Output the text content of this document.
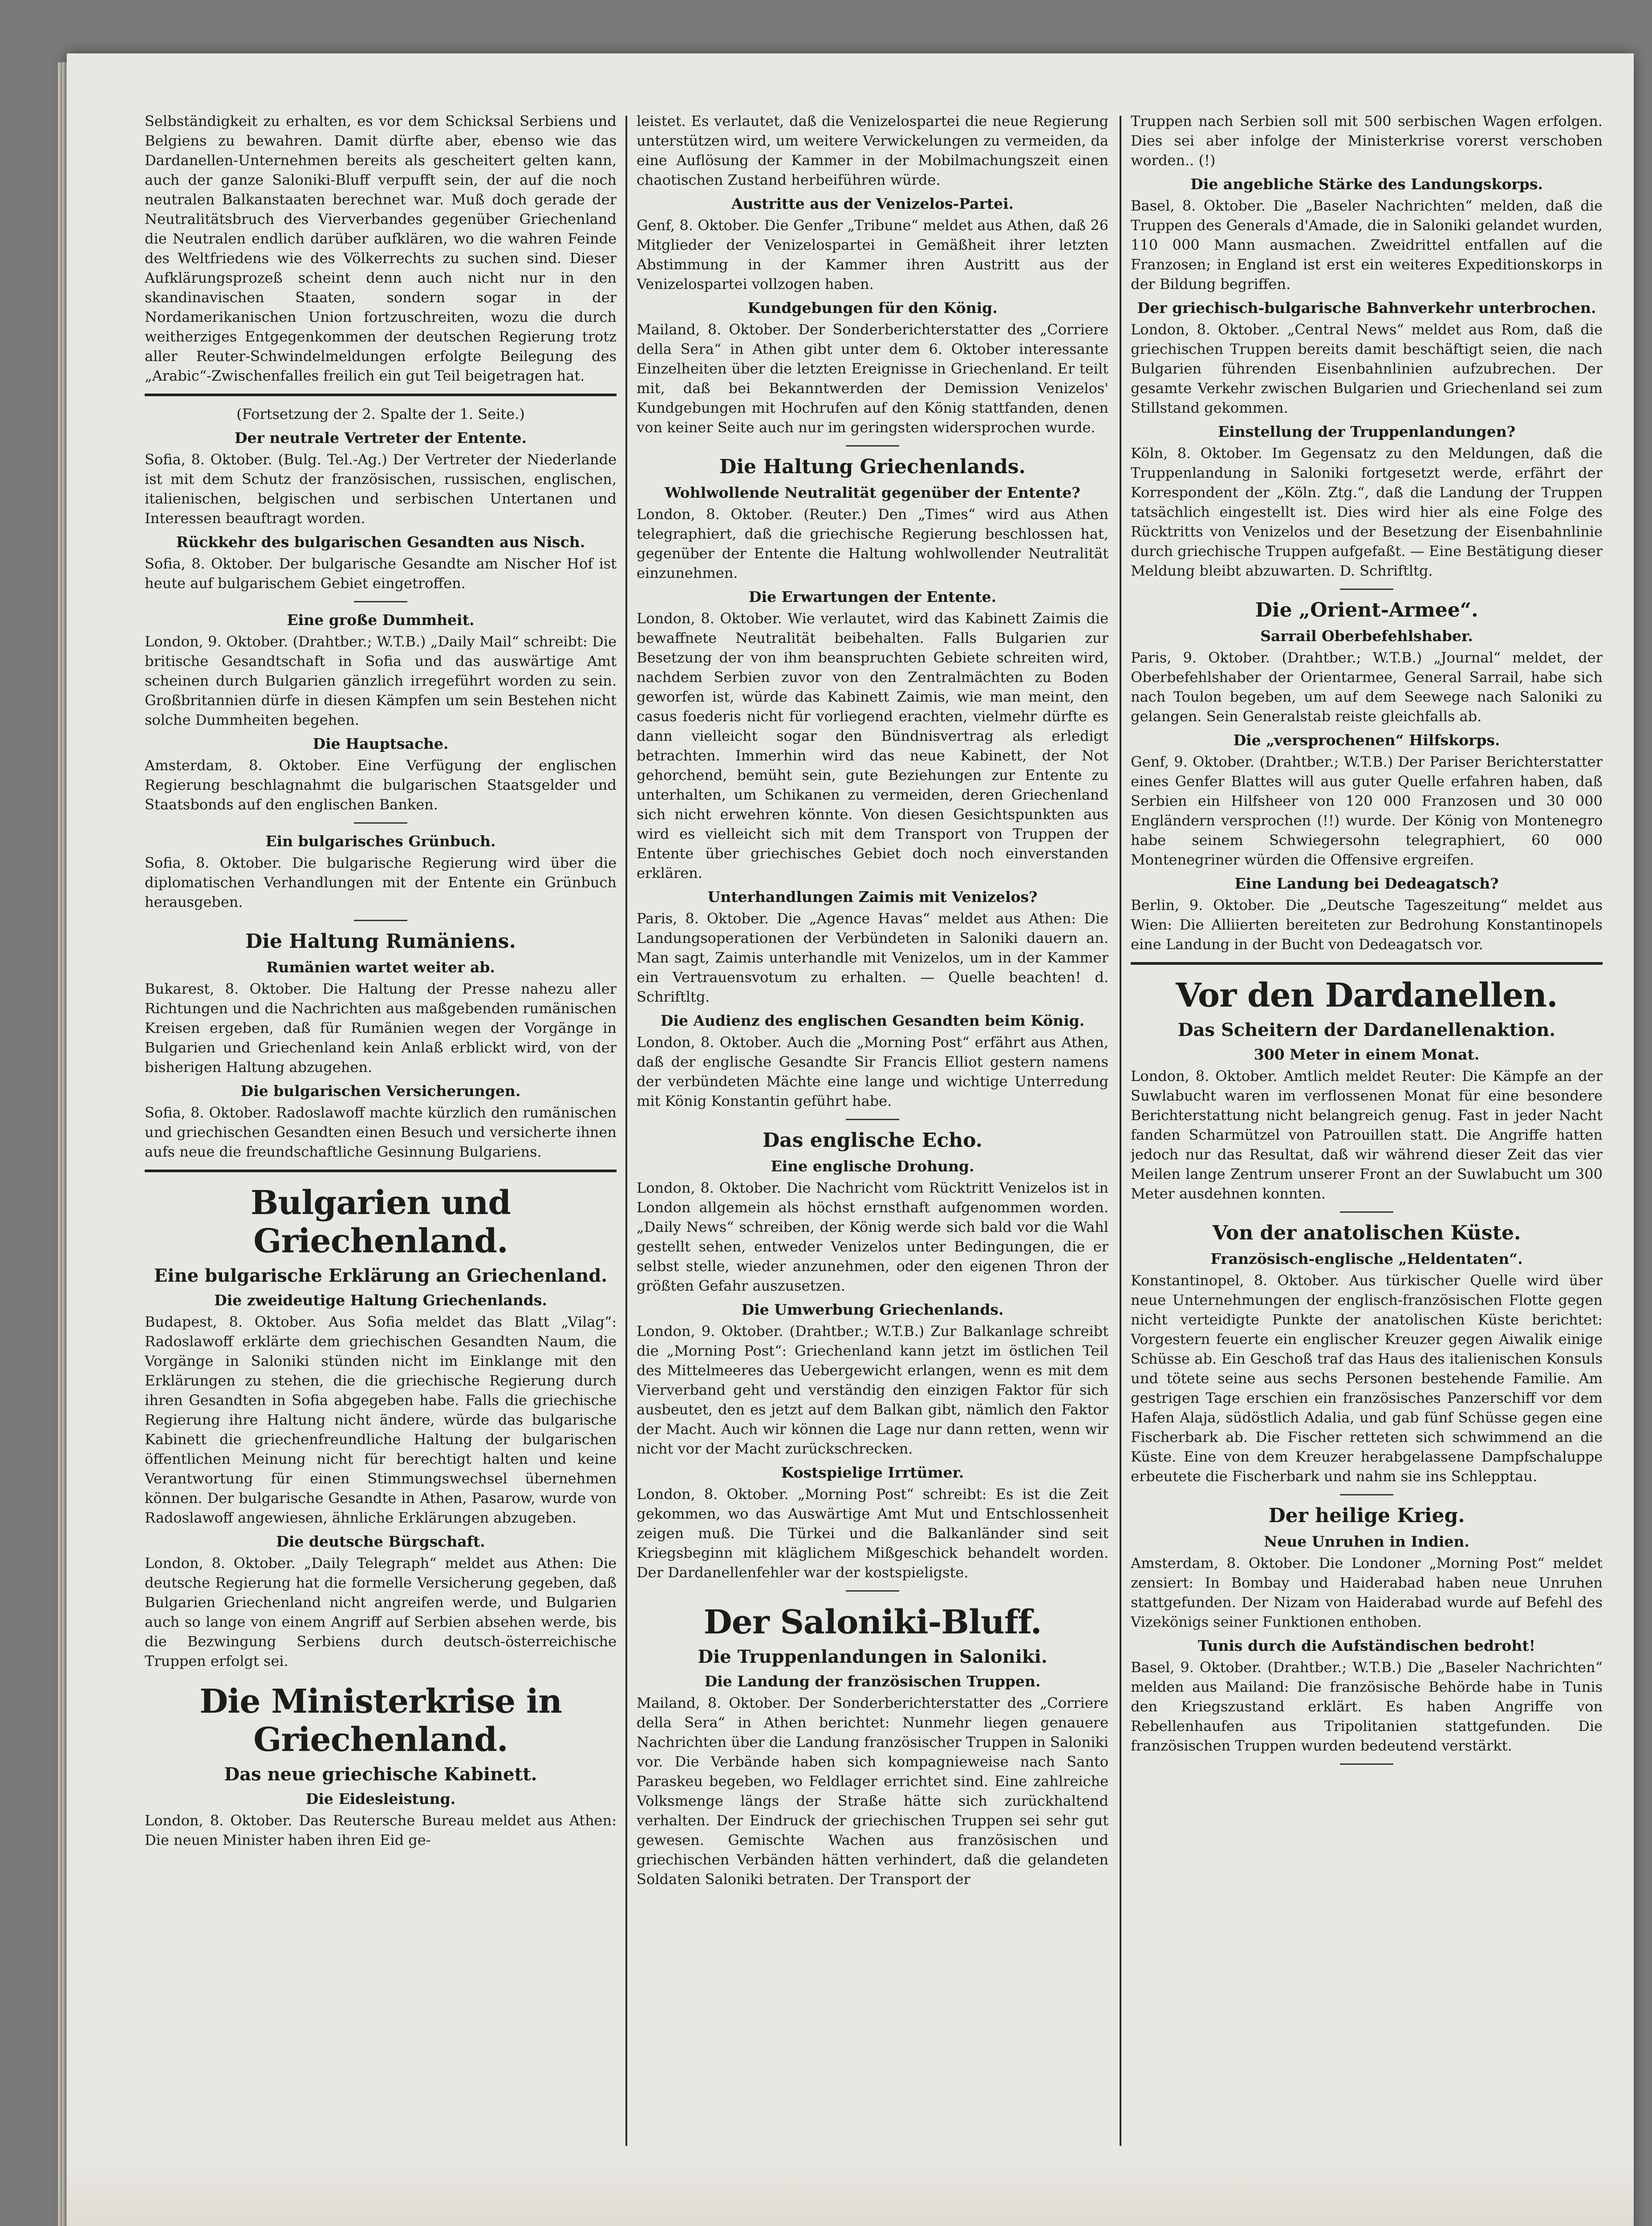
Selbständigkeit zu erhalten, es vor dem Schicksal Serbiens und Belgiens zu bewahren. Damit dürfte aber, ebenso wie das Dardanellen-Unternehmen bereits als gescheitert gelten kann, auch der ganze Saloniki-Bluff verpufft sein, der auf die noch neutralen Balkanstaaten berechnet war. Muß doch gerade der Neutralitätsbruch des Vierverbandes gegenüber Griechenland die Neutralen endlich darüber aufklären, wo die wahren Feinde des Weltfriedens wie des Völkerrechts zu suchen sind. Dieser Aufklärungsprozeß scheint denn auch nicht nur in den skandinavischen Staaten, sondern sogar in der Nordamerikanischen Union fortzuschreiten, wozu die durch weitherziges Entgegenkommen der deutschen Regierung trotz aller Reuter-Schwindelmeldungen erfolgte Beilegung des „Arabic“-Zwischenfalles freilich ein gut Teil beigetragen hat.

(Fortsetzung der 2. Spalte der 1. Seite.)

Der neutrale Vertreter der Entente.

Sofia, 8. Oktober. (Bulg. Tel.-Ag.) Der Vertreter der Niederlande ist mit dem Schutz der französischen, russischen, englischen, italienischen, belgischen und serbischen Untertanen und Interessen beauftragt worden.

Rückkehr des bulgarischen Gesandten aus Nisch.

Sofia, 8. Oktober. Der bulgarische Gesandte am Nischer Hof ist heute auf bulgarischem Gebiet eingetroffen.

Eine große Dummheit.

London, 9. Oktober. (Drahtber.; W.T.B.) „Daily Mail“ schreibt: Die britische Gesandtschaft in Sofia und das auswärtige Amt scheinen durch Bulgarien gänzlich irregeführt worden zu sein. Großbritannien dürfe in diesen Kämpfen um sein Bestehen nicht solche Dummheiten begehen.

Die Hauptsache.

Amsterdam, 8. Oktober. Eine Verfügung der englischen Regierung beschlagnahmt die bulgarischen Staatsgelder und Staatsbonds auf den englischen Banken.

Ein bulgarisches Grünbuch.

Sofia, 8. Oktober. Die bulgarische Regierung wird über die diplomatischen Verhandlungen mit der Entente ein Grünbuch herausgeben.

Die Haltung Rumäniens.
Rumänien wartet weiter ab.

Bukarest, 8. Oktober. Die Haltung der Presse nahezu aller Richtungen und die Nachrichten aus maßgebenden rumänischen Kreisen ergeben, daß für Rumänien wegen der Vorgänge in Bulgarien und Griechenland kein Anlaß erblickt wird, von der bisherigen Haltung abzugehen.

Die bulgarischen Versicherungen.

Sofia, 8. Oktober. Radoslawoff machte kürzlich den rumänischen und griechischen Gesandten einen Besuch und versicherte ihnen aufs neue die freundschaftliche Gesinnung Bulgariens.

Bulgarien und Griechenland.
Eine bulgarische Erklärung an Griechenland.
Die zweideutige Haltung Griechenlands.

Budapest, 8. Oktober. Aus Sofia meldet das Blatt „Vilag“: Radoslawoff erklärte dem griechischen Gesandten Naum, die Vorgänge in Saloniki stünden nicht im Einklange mit den Erklärungen zu stehen, die die griechische Regierung durch ihren Gesandten in Sofia abgegeben habe. Falls die griechische Regierung ihre Haltung nicht ändere, würde das bulgarische Kabinett die griechenfreundliche Haltung der bulgarischen öffentlichen Meinung nicht für berechtigt halten und keine Verantwortung für einen Stimmungswechsel übernehmen können. Der bulgarische Gesandte in Athen, Pasarow, wurde von Radoslawoff angewiesen, ähnliche Erklärungen abzugeben.

Die deutsche Bürgschaft.

London, 8. Oktober. „Daily Telegraph“ meldet aus Athen: Die deutsche Regierung hat die formelle Versicherung gegeben, daß Bulgarien Griechenland nicht angreifen werde, und Bulgarien auch so lange von einem Angriff auf Serbien absehen werde, bis die Bezwingung Serbiens durch deutsch-österreichische Truppen erfolgt sei.

Die Ministerkrise in Griechenland.
Das neue griechische Kabinett.
Die Eidesleistung.

London, 8. Oktober. Das Reutersche Bureau meldet aus Athen: Die neuen Minister haben ihren Eid ge-

leistet. Es verlautet, daß die Venizelospartei die neue Regierung unterstützen wird, um weitere Verwickelungen zu vermeiden, da eine Auflösung der Kammer in der Mobilmachungszeit einen chaotischen Zustand herbeiführen würde.

Austritte aus der Venizelos-Partei.

Genf, 8. Oktober. Die Genfer „Tribune“ meldet aus Athen, daß 26 Mitglieder der Venizelospartei in Gemäßheit ihrer letzten Abstimmung in der Kammer ihren Austritt aus der Venizelospartei vollzogen haben.

Kundgebungen für den König.

Mailand, 8. Oktober. Der Sonderberichterstatter des „Corriere della Sera“ in Athen gibt unter dem 6. Oktober interessante Einzelheiten über die letzten Ereignisse in Griechenland. Er teilt mit, daß bei Bekanntwerden der Demission Venizelos' Kundgebungen mit Hochrufen auf den König stattfanden, denen von keiner Seite auch nur im geringsten widersprochen wurde.

Die Haltung Griechenlands.
Wohlwollende Neutralität gegenüber der Entente?

London, 8. Oktober. (Reuter.) Den „Times“ wird aus Athen telegraphiert, daß die griechische Regierung beschlossen hat, gegenüber der Entente die Haltung wohlwollender Neutralität einzunehmen.

Die Erwartungen der Entente.

London, 8. Oktober. Wie verlautet, wird das Kabinett Zaimis die bewaffnete Neutralität beibehalten. Falls Bulgarien zur Besetzung der von ihm beanspruchten Gebiete schreiten wird, nachdem Serbien zuvor von den Zentralmächten zu Boden geworfen ist, würde das Kabinett Zaimis, wie man meint, den casus foederis nicht für vorliegend erachten, vielmehr dürfte es dann vielleicht sogar den Bündnisvertrag als erledigt betrachten. Immerhin wird das neue Kabinett, der Not gehorchend, bemüht sein, gute Beziehungen zur Entente zu unterhalten, um Schikanen zu vermeiden, deren Griechenland sich nicht erwehren könnte. Von diesen Gesichtspunkten aus wird es vielleicht sich mit dem Transport von Truppen der Entente über griechisches Gebiet doch noch einverstanden erklären.

Unterhandlungen Zaimis mit Venizelos?

Paris, 8. Oktober. Die „Agence Havas“ meldet aus Athen: Die Landungsoperationen der Verbündeten in Saloniki dauern an. Man sagt, Zaimis unterhandle mit Venizelos, um in der Kammer ein Vertrauensvotum zu erhalten. — Quelle beachten! d. Schriftltg.

Die Audienz des englischen Gesandten beim König.

London, 8. Oktober. Auch die „Morning Post“ erfährt aus Athen, daß der englische Gesandte Sir Francis Elliot gestern namens der verbündeten Mächte eine lange und wichtige Unterredung mit König Konstantin geführt habe.

Das englische Echo.
Eine englische Drohung.

London, 8. Oktober. Die Nachricht vom Rücktritt Venizelos ist in London allgemein als höchst ernsthaft aufgenommen worden. „Daily News“ schreiben, der König werde sich bald vor die Wahl gestellt sehen, entweder Venizelos unter Bedingungen, die er selbst stelle, wieder anzunehmen, oder den eigenen Thron der größten Gefahr auszusetzen.

Die Umwerbung Griechenlands.

London, 9. Oktober. (Drahtber.; W.T.B.) Zur Balkanlage schreibt die „Morning Post“: Griechenland kann jetzt im östlichen Teil des Mittelmeeres das Uebergewicht erlangen, wenn es mit dem Vierverband geht und verständig den einzigen Faktor für sich ausbeutet, den es jetzt auf dem Balkan gibt, nämlich den Faktor der Macht. Auch wir können die Lage nur dann retten, wenn wir nicht vor der Macht zurückschrecken.

Kostspielige Irrtümer.

London, 8. Oktober. „Morning Post“ schreibt: Es ist die Zeit gekommen, wo das Auswärtige Amt Mut und Entschlossenheit zeigen muß. Die Türkei und die Balkanländer sind seit Kriegsbeginn mit kläglichem Mißgeschick behandelt worden. Der Dardanellenfehler war der kostspieligste.

Der Saloniki-Bluff.
Die Truppenlandungen in Saloniki.
Die Landung der französischen Truppen.

Mailand, 8. Oktober. Der Sonderberichterstatter des „Corriere della Sera“ in Athen berichtet: Nunmehr liegen genauere Nachrichten über die Landung französischer Truppen in Saloniki vor. Die Verbände haben sich kompagnieweise nach Santo Paraskeu begeben, wo Feldlager errichtet sind. Eine zahlreiche Volksmenge längs der Straße hätte sich zurückhaltend verhalten. Der Eindruck der griechischen Truppen sei sehr gut gewesen. Gemischte Wachen aus französischen und griechischen Verbänden hätten verhindert, daß die gelandeten Soldaten Saloniki betraten. Der Transport der

Truppen nach Serbien soll mit 500 serbischen Wagen erfolgen. Dies sei aber infolge der Ministerkrise vorerst verschoben worden.. (!)

Die angebliche Stärke des Landungskorps.

Basel, 8. Oktober. Die „Baseler Nachrichten“ melden, daß die Truppen des Generals d'Amade, die in Saloniki gelandet wurden, 110 000 Mann ausmachen. Zweidrittel entfallen auf die Franzosen; in England ist erst ein weiteres Expeditionskorps in der Bildung begriffen.

Der griechisch-bulgarische Bahnverkehr unterbrochen.

London, 8. Oktober. „Central News“ meldet aus Rom, daß die griechischen Truppen bereits damit beschäftigt seien, die nach Bulgarien führenden Eisenbahnlinien aufzubrechen. Der gesamte Verkehr zwischen Bulgarien und Griechenland sei zum Stillstand gekommen.

Einstellung der Truppenlandungen?

Köln, 8. Oktober. Im Gegensatz zu den Meldungen, daß die Truppenlandung in Saloniki fortgesetzt werde, erfährt der Korrespondent der „Köln. Ztg.“, daß die Landung der Truppen tatsächlich eingestellt ist. Dies wird hier als eine Folge des Rücktritts von Venizelos und der Besetzung der Eisenbahnlinie durch griechische Truppen aufgefaßt. — Eine Bestätigung dieser Meldung bleibt abzuwarten. D. Schriftltg.

Die „Orient-Armee“.
Sarrail Oberbefehlshaber.

Paris, 9. Oktober. (Drahtber.; W.T.B.) „Journal“ meldet, der Oberbefehlshaber der Orientarmee, General Sarrail, habe sich nach Toulon begeben, um auf dem Seewege nach Saloniki zu gelangen. Sein Generalstab reiste gleichfalls ab.

Die „versprochenen“ Hilfskorps.

Genf, 9. Oktober. (Drahtber.; W.T.B.) Der Pariser Berichterstatter eines Genfer Blattes will aus guter Quelle erfahren haben, daß Serbien ein Hilfsheer von 120 000 Franzosen und 30 000 Engländern versprochen (!!) wurde. Der König von Montenegro habe seinem Schwiegersohn telegraphiert, 60 000 Montenegriner würden die Offensive ergreifen.

Eine Landung bei Dedeagatsch?

Berlin, 9. Oktober. Die „Deutsche Tageszeitung“ meldet aus Wien: Die Alliierten bereiteten zur Bedrohung Konstantinopels eine Landung in der Bucht von Dedeagatsch vor.

Vor den Dardanellen.
Das Scheitern der Dardanellenaktion.
300 Meter in einem Monat.

London, 8. Oktober. Amtlich meldet Reuter: Die Kämpfe an der Suwlabucht waren im verflossenen Monat für eine besondere Berichterstattung nicht belangreich genug. Fast in jeder Nacht fanden Scharmützel von Patrouillen statt. Die Angriffe hatten jedoch nur das Resultat, daß wir während dieser Zeit das vier Meilen lange Zentrum unserer Front an der Suwlabucht um 300 Meter ausdehnen konnten.

Von der anatolischen Küste.
Französisch-englische „Heldentaten“.

Konstantinopel, 8. Oktober. Aus türkischer Quelle wird über neue Unternehmungen der englisch-französischen Flotte gegen nicht verteidigte Punkte der anatolischen Küste berichtet: Vorgestern feuerte ein englischer Kreuzer gegen Aiwalik einige Schüsse ab. Ein Geschoß traf das Haus des italienischen Konsuls und tötete seine aus sechs Personen bestehende Familie. Am gestrigen Tage erschien ein französisches Panzerschiff vor dem Hafen Alaja, südöstlich Adalia, und gab fünf Schüsse gegen eine Fischerbark ab. Die Fischer retteten sich schwimmend an die Küste. Eine von dem Kreuzer herabgelassene Dampfschaluppe erbeutete die Fischerbark und nahm sie ins Schlepptau.

Der heilige Krieg.
Neue Unruhen in Indien.

Amsterdam, 8. Oktober. Die Londoner „Morning Post“ meldet zensiert: In Bombay und Haiderabad haben neue Unruhen stattgefunden. Der Nizam von Haiderabad wurde auf Befehl des Vizekönigs seiner Funktionen enthoben.

Tunis durch die Aufständischen bedroht!

Basel, 9. Oktober. (Drahtber.; W.T.B.) Die „Baseler Nachrichten“ melden aus Mailand: Die französische Behörde habe in Tunis den Kriegszustand erklärt. Es haben Angriffe von Rebellenhaufen aus Tripolitanien stattgefunden. Die französischen Truppen wurden bedeutend verstärkt.
